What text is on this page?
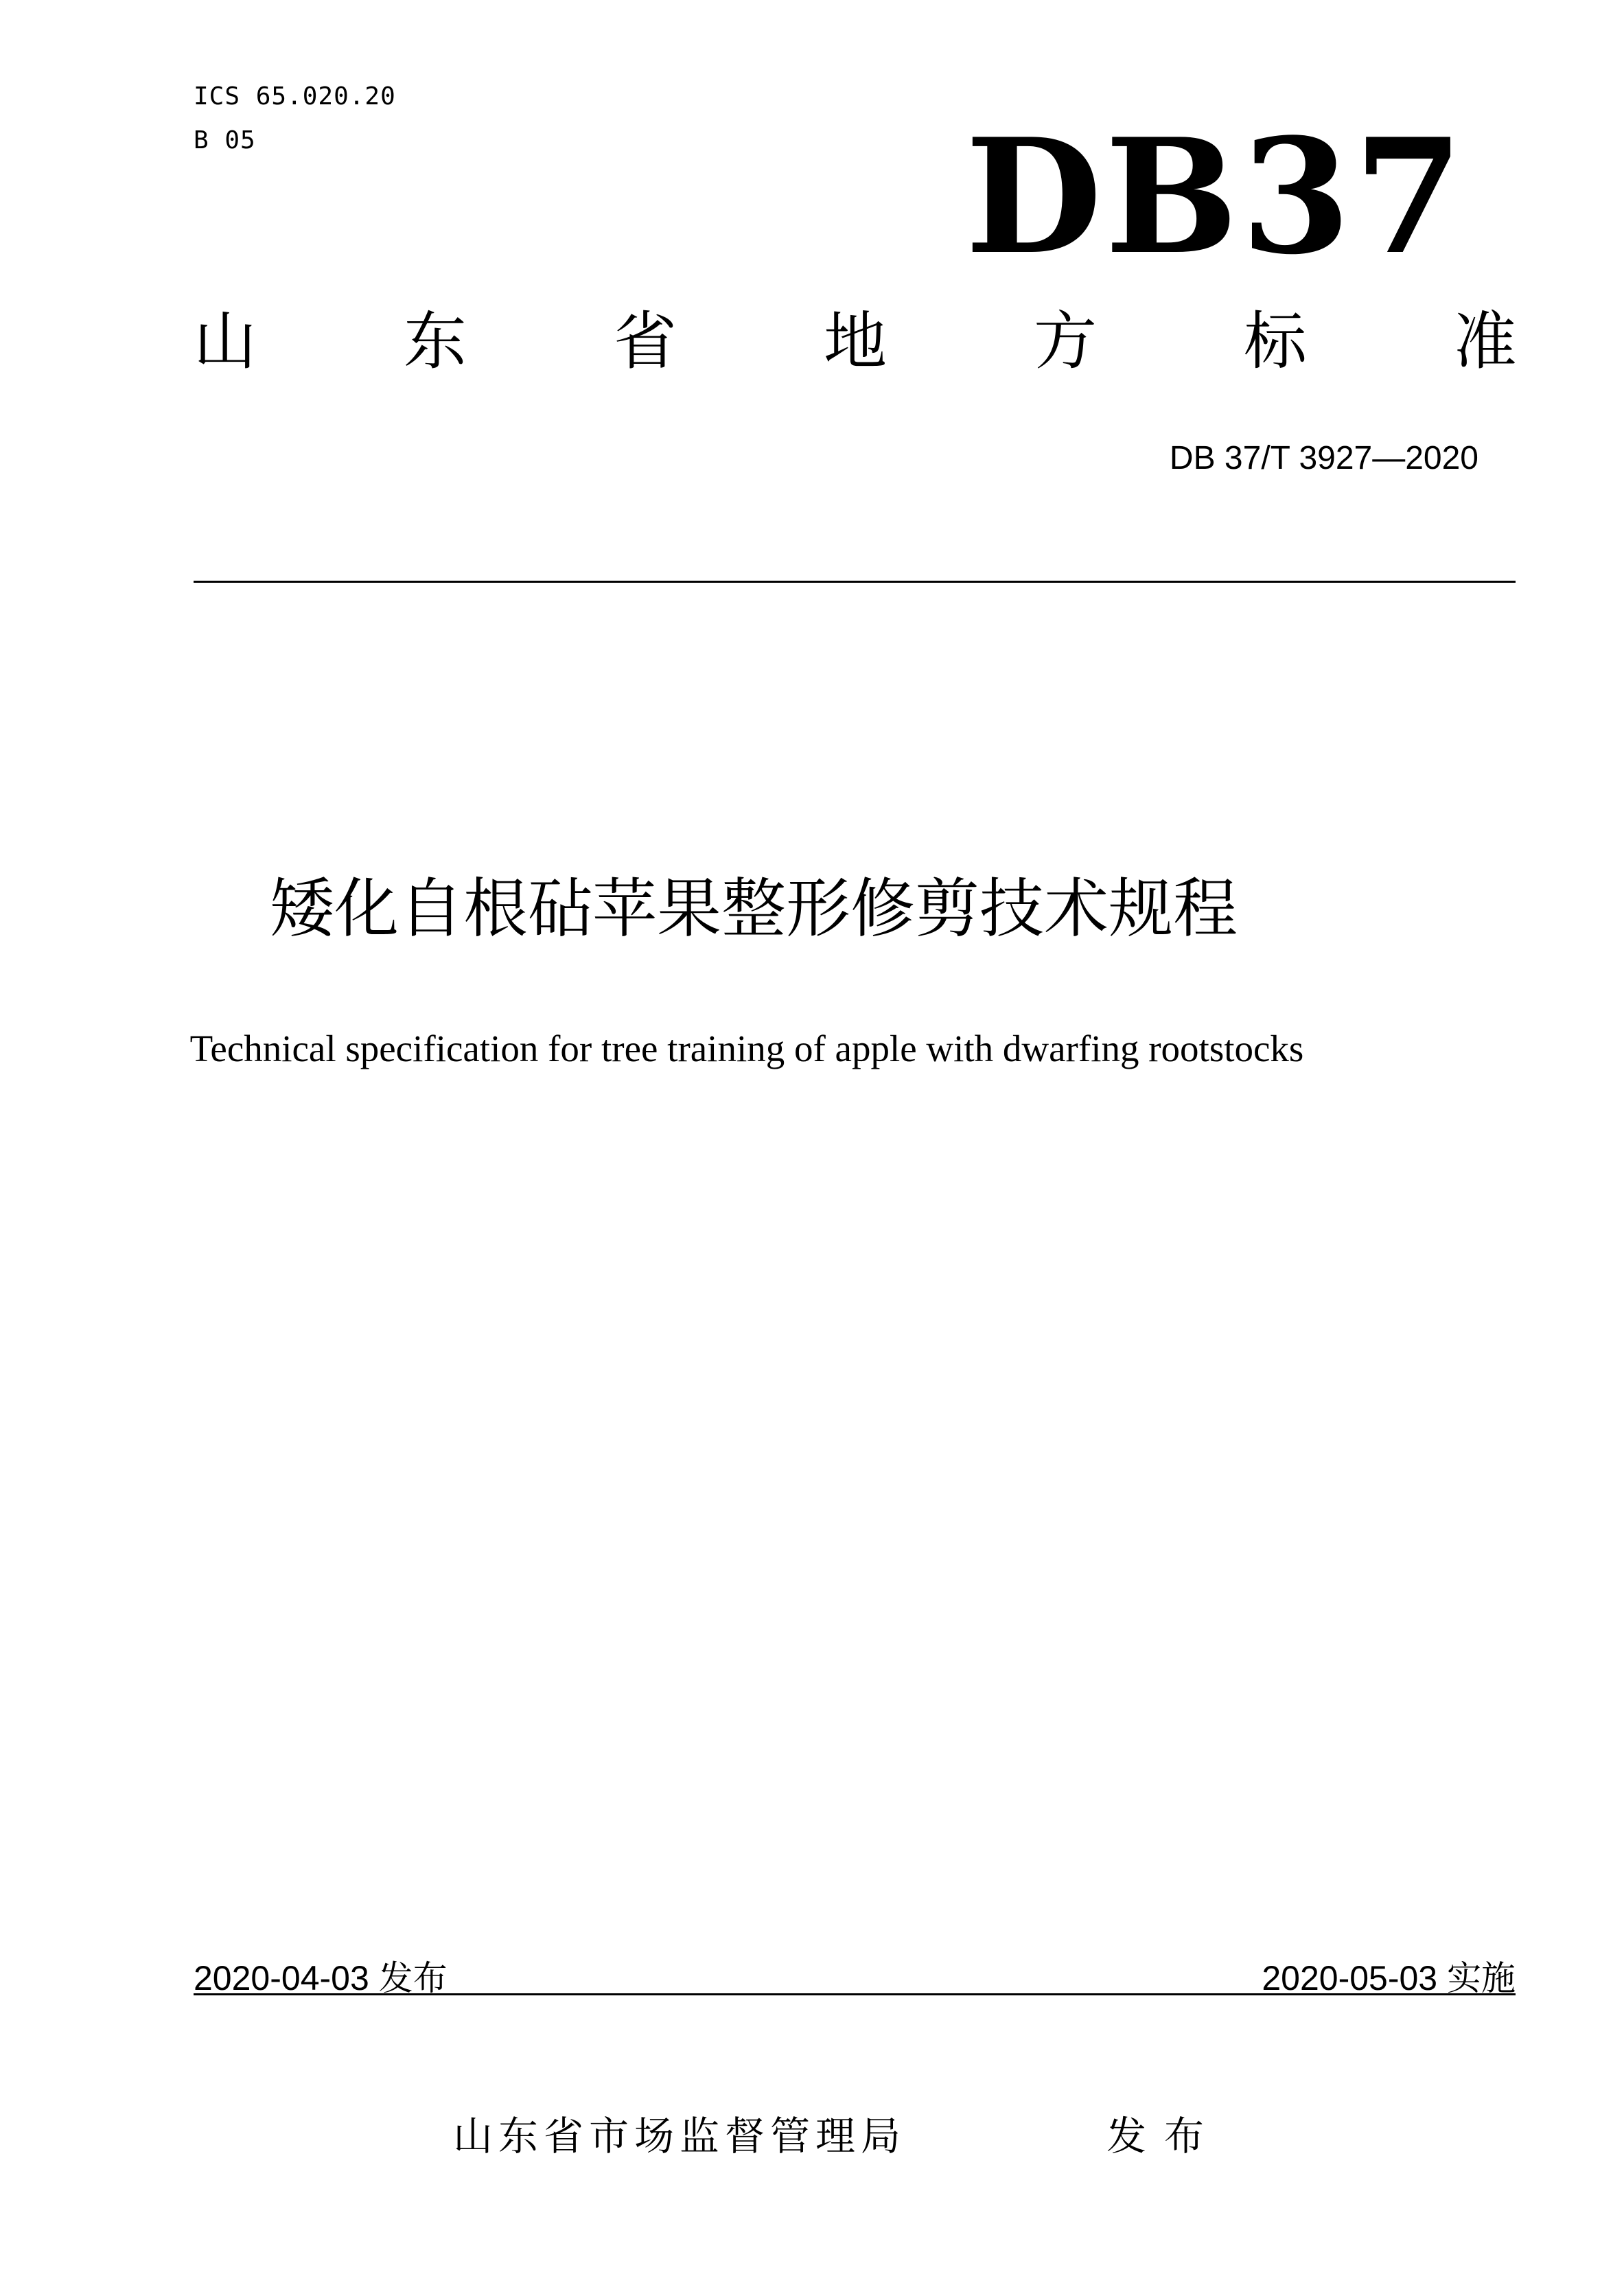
ICS 65.020.20
B 05	DB37
山 东 省 地 方 标 准
DB 37/T 3927—2020
矮化自根砧苹果整形修剪技术规程
Technical specification for tree training of apple with dwarfing rootstocks
2020-04-03 发布	2020-05-03 实施
山东省市场监督管理局	发布
